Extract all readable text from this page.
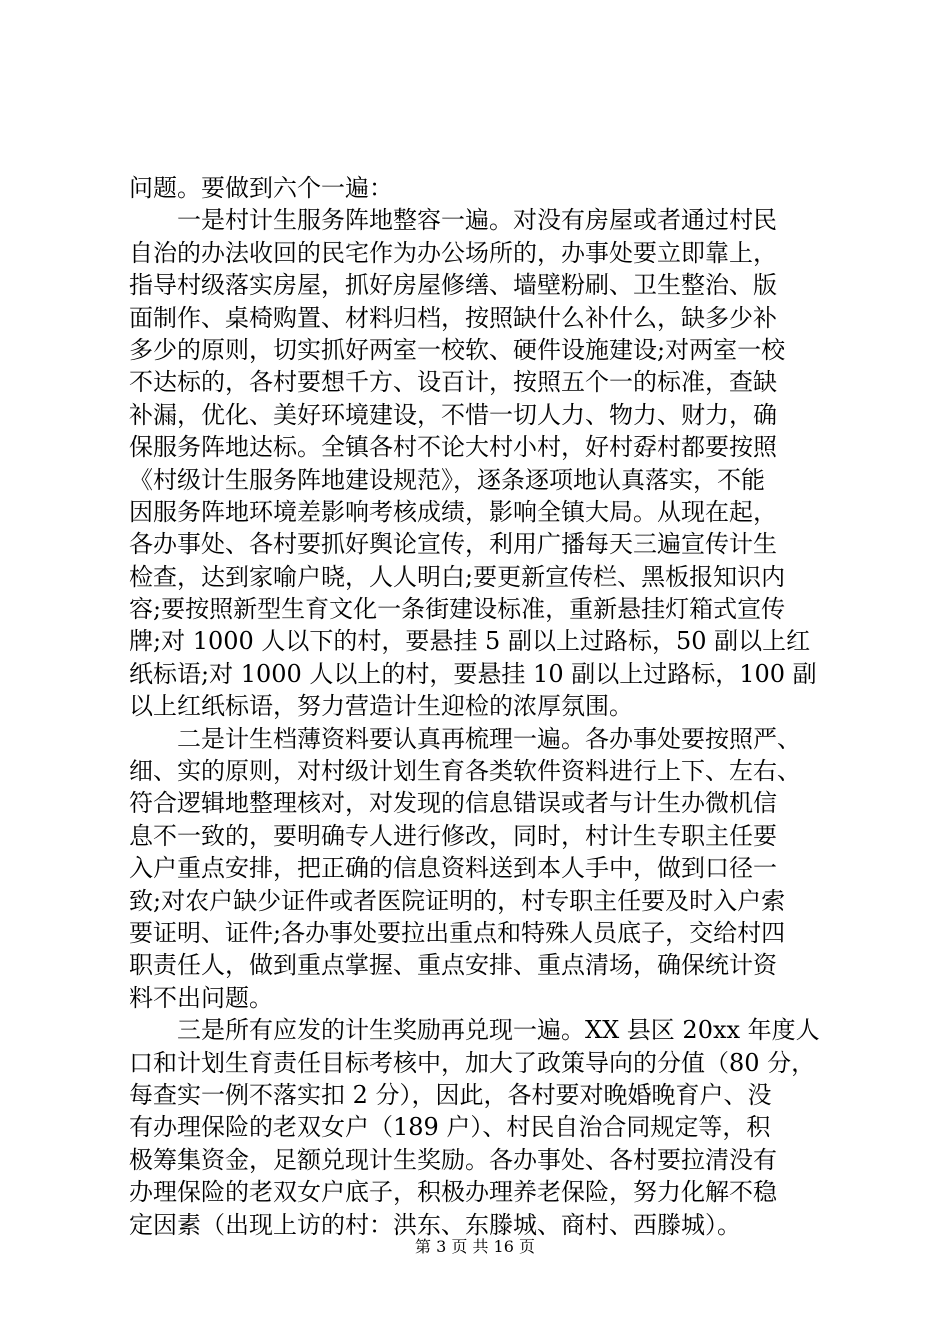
问题。要做到六个一遍：
　　一是村计生服务阵地整容一遍。对没有房屋或者通过村民
自治的办法收回的民宅作为办公场所的，办事处要立即靠上，
指导村级落实房屋，抓好房屋修缮、墙壁粉刷、卫生整治、版
面制作、桌椅购置、材料归档，按照缺什么补什么，缺多少补
多少的原则，切实抓好两室一校软、硬件设施建设;对两室一校
不达标的，各村要想千方、设百计，按照五个一的标准，查缺
补漏，优化、美好环境建设，不惜一切人力、物力、财力，确
保服务阵地达标。全镇各村不论大村小村，好村孬村都要按照
《村级计生服务阵地建设规范》，逐条逐项地认真落实，不能
因服务阵地环境差影响考核成绩，影响全镇大局。从现在起，
各办事处、各村要抓好舆论宣传，利用广播每天三遍宣传计生
检查，达到家喻户晓，人人明白;要更新宣传栏、黑板报知识内
容;要按照新型生育文化一条街建设标准，重新悬挂灯箱式宣传
牌;对 1000 人以下的村，要悬挂 5 副以上过路标，50 副以上红
纸标语;对 1000 人以上的村，要悬挂 10 副以上过路标，100 副
以上红纸标语，努力营造计生迎检的浓厚氛围。
　　二是计生档薄资料要认真再梳理一遍。各办事处要按照严、
细、实的原则，对村级计划生育各类软件资料进行上下、左右、
符合逻辑地整理核对，对发现的信息错误或者与计生办微机信
息不一致的，要明确专人进行修改，同时，村计生专职主任要
入户重点安排，把正确的信息资料送到本人手中，做到口径一
致;对农户缺少证件或者医院证明的，村专职主任要及时入户索
要证明、证件;各办事处要拉出重点和特殊人员底子，交给村四
职责任人，做到重点掌握、重点安排、重点清场，确保统计资
料不出问题。
　　三是所有应发的计生奖励再兑现一遍。XX 县区 20xx 年度人
口和计划生育责任目标考核中，加大了政策导向的分值（80 分，
每查实一例不落实扣 2 分），因此，各村要对晚婚晚育户、没
有办理保险的老双女户（189 户）、村民自治合同规定等，积
极筹集资金，足额兑现计生奖励。各办事处、各村要拉清没有
办理保险的老双女户底子，积极办理养老保险，努力化解不稳
定因素（出现上访的村：洪东、东滕城、商村、西滕城）。
第 3 页 共 16 页
